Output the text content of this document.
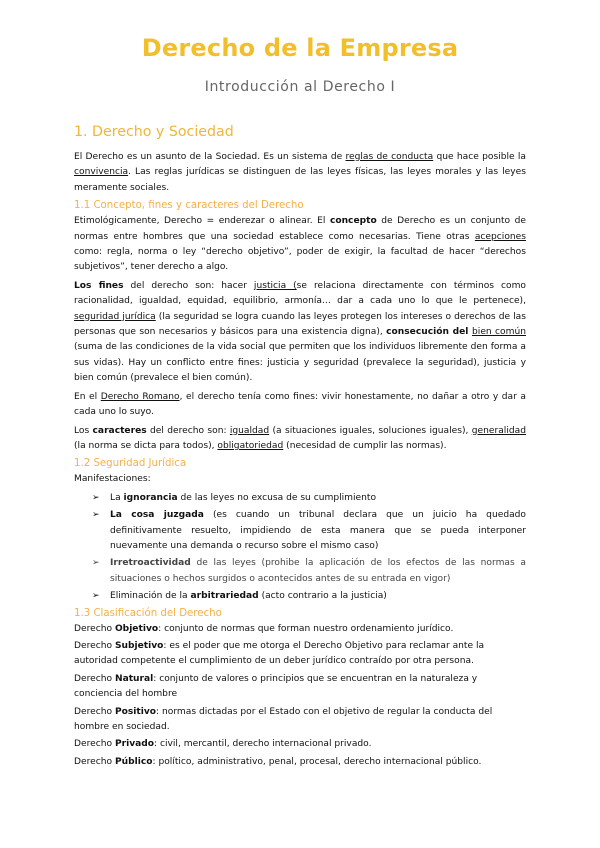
Derecho de la Empresa
Introducción al Derecho I
1. Derecho y Sociedad

El Derecho es un asunto de la Sociedad. Es un sistema de reglas de conducta que hace posible la convivencia. Las reglas jurídicas se distinguen de las leyes físicas, las leyes morales y las leyes meramente sociales.

1.1 Concepto, fines y caracteres del Derecho

Etimológicamente, Derecho = enderezar o alinear. El concepto de Derecho es un conjunto de normas entre hombres que una sociedad establece como necesarias. Tiene otras acepciones como: regla, norma o ley “derecho objetivo”, poder de exigir, la facultad de hacer “derechos subjetivos”, tener derecho a algo.

Los fines del derecho son: hacer justicia (se relaciona directamente con términos como racionalidad, igualdad, equidad, equilibrio, armonía… dar a cada uno lo que le pertenece), seguridad jurídica (la seguridad se logra cuando las leyes protegen los intereses o derechos de las personas que son necesarios y básicos para una existencia digna), consecución del bien común (suma de las condiciones de la vida social que permiten que los individuos libremente den forma a sus vidas). Hay un conflicto entre fines: justicia y seguridad (prevalece la seguridad), justicia y bien común (prevalece el bien común).

En el Derecho Romano, el derecho tenía como fines: vivir honestamente, no dañar a otro y dar a cada uno lo suyo.

Los caracteres del derecho son: igualdad (a situaciones iguales, soluciones iguales), generalidad (la norma se dicta para todos), obligatoriedad (necesidad de cumplir las normas).

1.2 Seguridad Jurídica

Manifestaciones:

➢ La ignorancia de las leyes no excusa de su cumplimiento
➢ La cosa juzgada (es cuando un tribunal declara que un juicio ha quedado definitivamente resuelto, impidiendo de esta manera que se pueda interponer nuevamente una demanda o recurso sobre el mismo caso)
➢ Irretroactividad de las leyes (prohibe la aplicación de los efectos de las normas a situaciones o hechos surgidos o acontecidos antes de su entrada en vigor)
➢ Eliminación de la arbitrariedad (acto contrario a la justicia)
1.3 Clasificación del Derecho

Derecho Objetivo: conjunto de normas que forman nuestro ordenamiento jurídico.

Derecho Subjetivo: es el poder que me otorga el Derecho Objetivo para reclamar ante la autoridad competente el cumplimiento de un deber jurídico contraído por otra persona.

Derecho Natural: conjunto de valores o principios que se encuentran en la naturaleza y conciencia del hombre

Derecho Positivo: normas dictadas por el Estado con el objetivo de regular la conducta del hombre en sociedad.

Derecho Privado: civil, mercantil, derecho internacional privado.

Derecho Público: político, administrativo, penal, procesal, derecho internacional público.
